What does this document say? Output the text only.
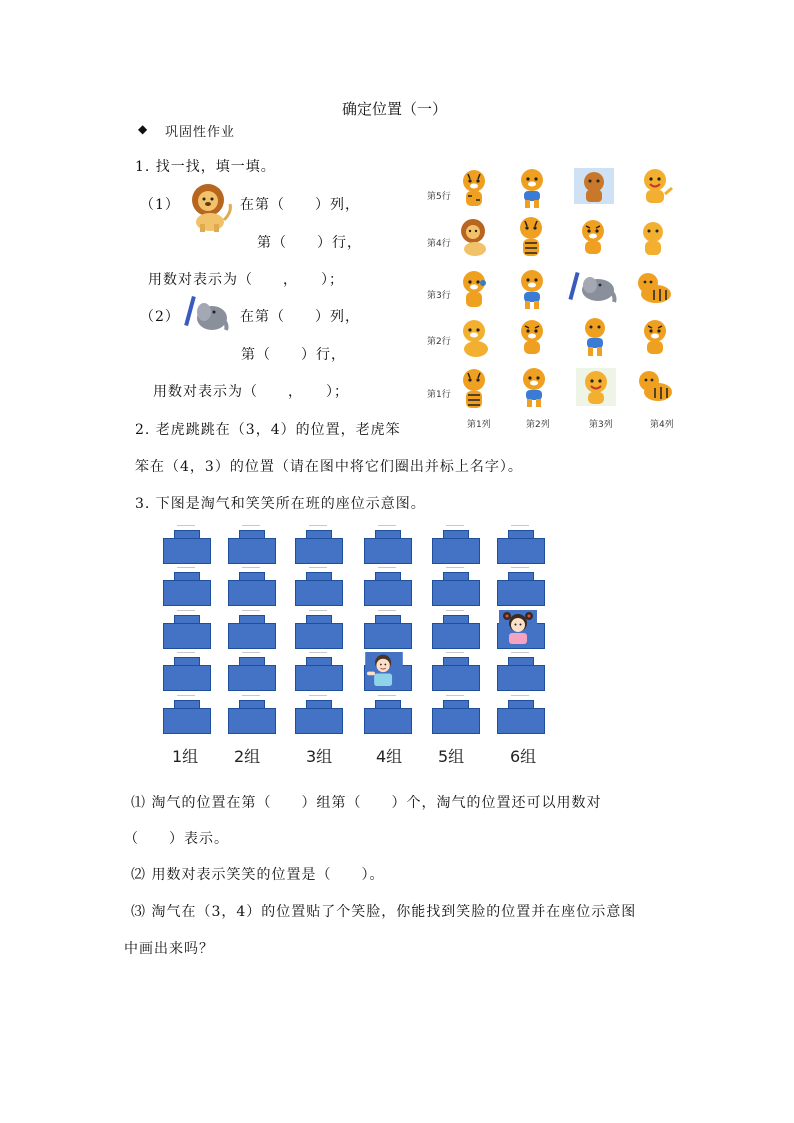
确定位置（一）
◆ 巩固性作业
1. 找一找，填一填。
（1）	在第（　　）列，
第（　　）行，
用数对表示为（　　，　　）；
（2）	在第（　　）列，
第（　　）行，
用数对表示为（　　，　　）；
第5行
第4行
第3行
第2行
第1行
第1列	第2列	第3列	第4列
2. 老虎跳跳在（3，4）的位置，老虎笨
笨在（4，3）的位置（请在图中将它们圈出并标上名字）。
3. 下图是淘气和笑笑所在班的座位示意图。
1组 2组	3组	4组 5组	6组
⑴ 淘气的位置在第（　　）组第（　　）个，淘气的位置还可以用数对
（　　）表示。
⑵ 用数对表示笑笑的位置是（　　）。
⑶ 淘气在（3，4）的位置贴了个笑脸，你能找到笑脸的位置并在座位示意图
中画出来吗？
